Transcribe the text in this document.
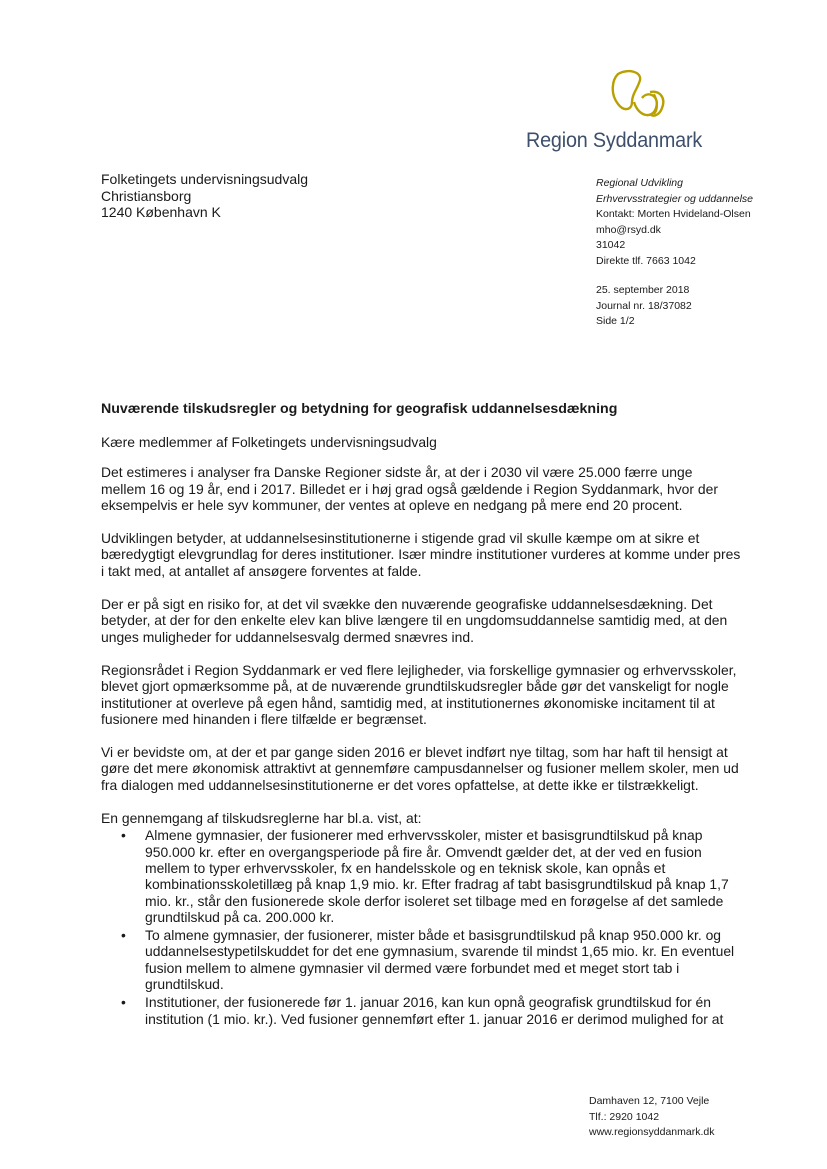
Region Syddanmark
Folketingets undervisningsudvalg
Christiansborg
1240 København K
Regional Udvikling
Erhvervsstrategier og uddannelse
Kontakt: Morten Hvideland-Olsen
mho@rsyd.dk
31042
Direkte tlf. 7663 1042
25. september 2018
Journal nr. 18/37082
Side 1/2
Nuværende tilskudsregler og betydning for geografisk uddannelsesdækning

Kære medlemmer af Folketingets undervisningsudvalg

Det estimeres i analyser fra Danske Regioner sidste år, at der i 2030 vil være 25.000 færre unge mellem 16 og 19 år, end i 2017. Billedet er i høj grad også gældende i Region Syddanmark, hvor der eksempelvis er hele syv kommuner, der ventes at opleve en nedgang på mere end 20 procent.

Udviklingen betyder, at uddannelsesinstitutionerne i stigende grad vil skulle kæmpe om at sikre et bæredygtigt elevgrundlag for deres institutioner. Især mindre institutioner vurderes at komme under pres i takt med, at antallet af ansøgere forventes at falde.

Der er på sigt en risiko for, at det vil svække den nuværende geografiske uddannelsesdækning. Det betyder, at der for den enkelte elev kan blive længere til en ungdomsuddannelse samtidig med, at den unges muligheder for uddannelsesvalg dermed snævres ind.

Regionsrådet i Region Syddanmark er ved flere lejligheder, via forskellige gymnasier og erhvervsskoler, blevet gjort opmærksomme på, at de nuværende grundtilskudsregler både gør det vanskeligt for nogle institutioner at overleve på egen hånd, samtidig med, at institutionernes økonomiske incitament til at fusionere med hinanden i flere tilfælde er begrænset.

Vi er bevidste om, at der et par gange siden 2016 er blevet indført nye tiltag, som har haft til hensigt at gøre det mere økonomisk attraktivt at gennemføre campusdannelser og fusioner mellem skoler, men ud fra dialogen med uddannelsesinstitutionerne er det vores opfattelse, at dette ikke er tilstrækkeligt.

En gennemgang af tilskudsreglerne har bl.a. vist, at:

• Almene gymnasier, der fusionerer med erhvervsskoler, mister et basisgrundtilskud på knap 950.000 kr. efter en overgangsperiode på fire år. Omvendt gælder det, at der ved en fusion mellem to typer erhvervsskoler, fx en handelsskole og en teknisk skole, kan opnås et kombinationsskoletillæg på knap 1,9 mio. kr. Efter fradrag af tabt basisgrundtilskud på knap 1,7 mio. kr., står den fusionerede skole derfor isoleret set tilbage med en forøgelse af det samlede grundtilskud på ca. 200.000 kr.
• To almene gymnasier, der fusionerer, mister både et basisgrundtilskud på knap 950.000 kr. og uddannelsestypetilskuddet for det ene gymnasium, svarende til mindst 1,65 mio. kr. En eventuel fusion mellem to almene gymnasier vil dermed være forbundet med et meget stort tab i grundtilskud.
• Institutioner, der fusionerede før 1. januar 2016, kan kun opnå geografisk grundtilskud for én institution (1 mio. kr.). Ved fusioner gennemført efter 1. januar 2016 er derimod mulighed for at
Damhaven 12, 7100 Vejle
Tlf.: 2920 1042
www.regionsyddanmark.dk
